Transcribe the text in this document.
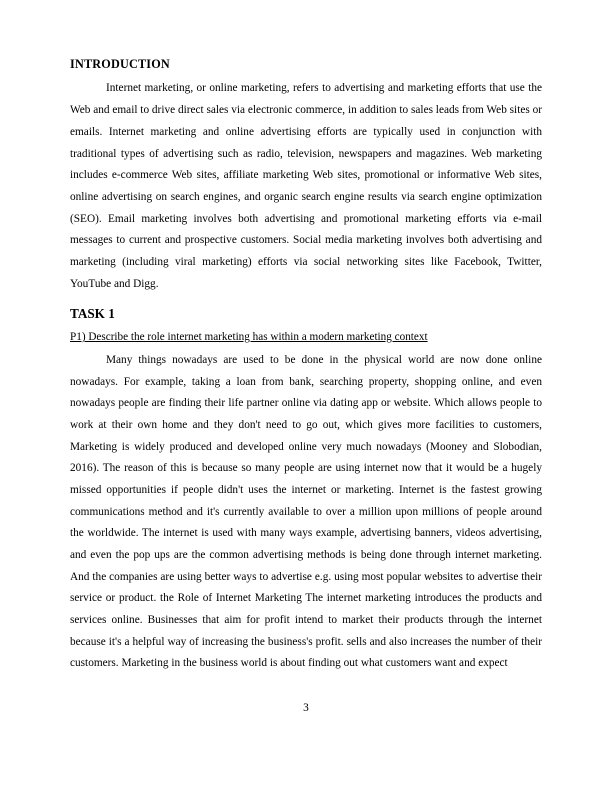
INTRODUCTION

Internet marketing, or online marketing, refers to advertising and marketing efforts that use the Web and email to drive direct sales via electronic commerce, in addition to sales leads from Web sites or emails. Internet marketing and online advertising efforts are typically used in conjunction with traditional types of advertising such as radio, television, newspapers and magazines. Web marketing includes e-commerce Web sites, affiliate marketing Web sites, promotional or informative Web sites, online advertising on search engines, and organic search engine results via search engine optimization (SEO). Email marketing involves both advertising and promotional marketing efforts via e-mail messages to current and prospective customers. Social media marketing involves both advertising and marketing (including viral marketing) efforts via social networking sites like Facebook, Twitter, YouTube and Digg.

TASK 1
P1) Describe the role internet marketing has within a modern marketing context

Many things nowadays are used to be done in the physical world are now done online nowadays. For example, taking a loan from bank, searching property, shopping online, and even nowadays people are finding their life partner online via dating app or website. Which allows people to work at their own home and they don't need to go out, which gives more facilities to customers, Marketing is widely produced and developed online very much nowadays (Mooney and Slobodian, 2016). The reason of this is because so many people are using internet now that it would be a hugely missed opportunities if people didn't uses the internet or marketing. Internet is the fastest growing communications method and it's currently available to over a million upon millions of people around the worldwide. The internet is used with many ways example, advertising banners, videos advertising, and even the pop ups are the common advertising methods is being done through internet marketing. And the companies are using better ways to advertise e.g. using most popular websites to advertise their service or product. the Role of Internet Marketing The internet marketing introduces the products and services online. Businesses that aim for profit intend to market their products through the internet because it's a helpful way of increasing the business's profit. sells and also increases the number of their customers. Marketing in the business world is about finding out what customers want and expect

3
